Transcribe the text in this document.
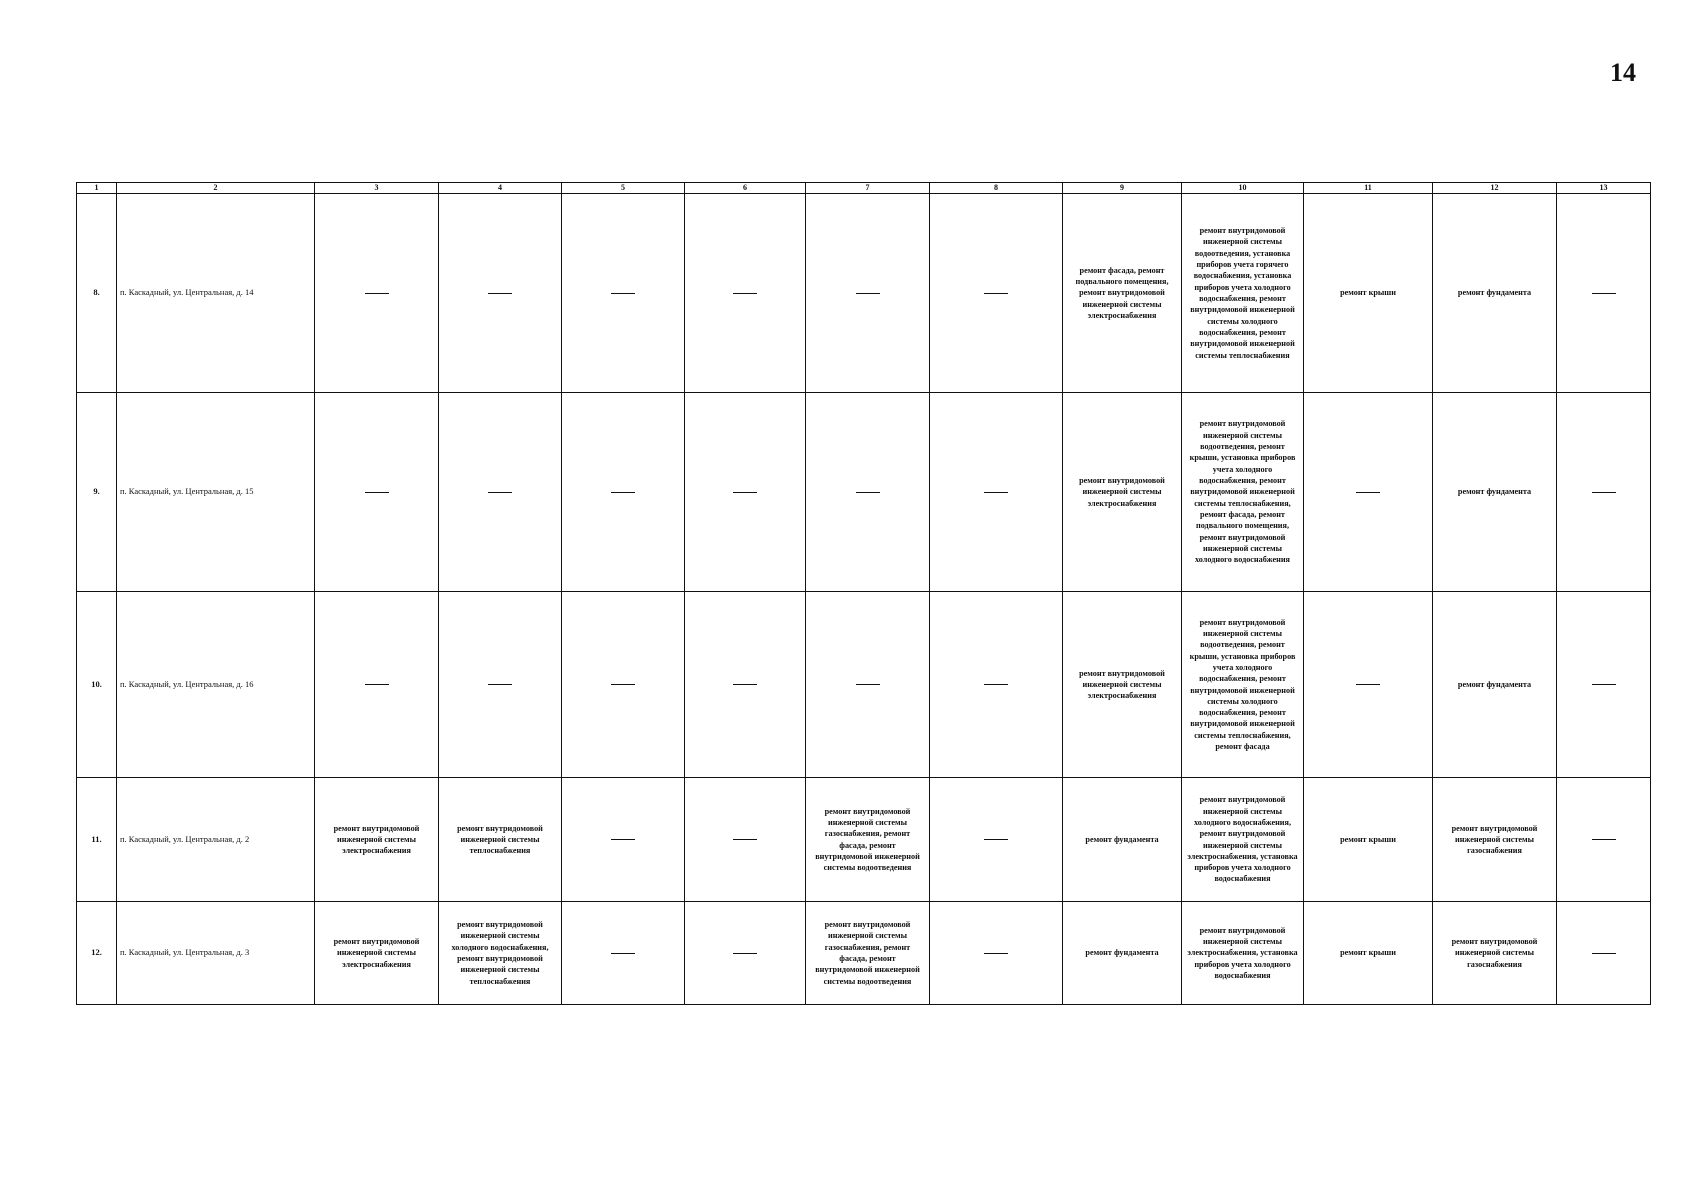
14
1	2	3	4	5	6	7	8	9	10	11	12	13
8.	п. Каскадный, ул. Центральная, д. 14							ремонт фасада, ремонт подвального помещения, ремонт внутридомовой инженерной системы электроснабжения	ремонт внутридомовой инженерной системы водоотведения, установка приборов учета горячего водоснабжения, установка приборов учета холодного водоснабжения, ремонт внутридомовой инженерной системы холодного водоснабжения, ремонт внутридомовой инженерной системы теплоснабжения	ремонт крыши	ремонт фундамента	
9.	п. Каскадный, ул. Центральная, д. 15							ремонт внутридомовой инженерной системы электроснабжения	ремонт внутридомовой инженерной системы водоотведения, ремонт крыши, установка приборов учета холодного водоснабжения, ремонт внутридомовой инженерной системы теплоснабжения, ремонт фасада, ремонт подвального помещения, ремонт внутридомовой инженерной системы холодного водоснабжения		ремонт фундамента	
10.	п. Каскадный, ул. Центральная, д. 16							ремонт внутридомовой инженерной системы электроснабжения	ремонт внутридомовой инженерной системы водоотведения, ремонт крыши, установка приборов учета холодного водоснабжения, ремонт внутридомовой инженерной системы холодного водоснабжения, ремонт внутридомовой инженерной системы теплоснабжения, ремонт фасада		ремонт фундамента	
11.	п. Каскадный, ул. Центральная, д. 2	ремонт внутридомовой инженерной системы электроснабжения	ремонт внутридомовой инженерной системы теплоснабжения			ремонт внутридомовой инженерной системы газоснабжения, ремонт фасада, ремонт внутридомовой инженерной системы водоотведения		ремонт фундамента	ремонт внутридомовой инженерной системы холодного водоснабжения, ремонт внутридомовой инженерной системы электроснабжения, установка приборов учета холодного водоснабжения	ремонт крыши	ремонт внутридомовой инженерной системы газоснабжения	
12.	п. Каскадный, ул. Центральная, д. 3	ремонт внутридомовой инженерной системы электроснабжения	ремонт внутридомовой инженерной системы холодного водоснабжения, ремонт внутридомовой инженерной системы теплоснабжения			ремонт внутридомовой инженерной системы газоснабжения, ремонт фасада, ремонт внутридомовой инженерной системы водоотведения		ремонт фундамента	ремонт внутридомовой инженерной системы электроснабжения, установка приборов учета холодного водоснабжения	ремонт крыши	ремонт внутридомовой инженерной системы газоснабжения	
